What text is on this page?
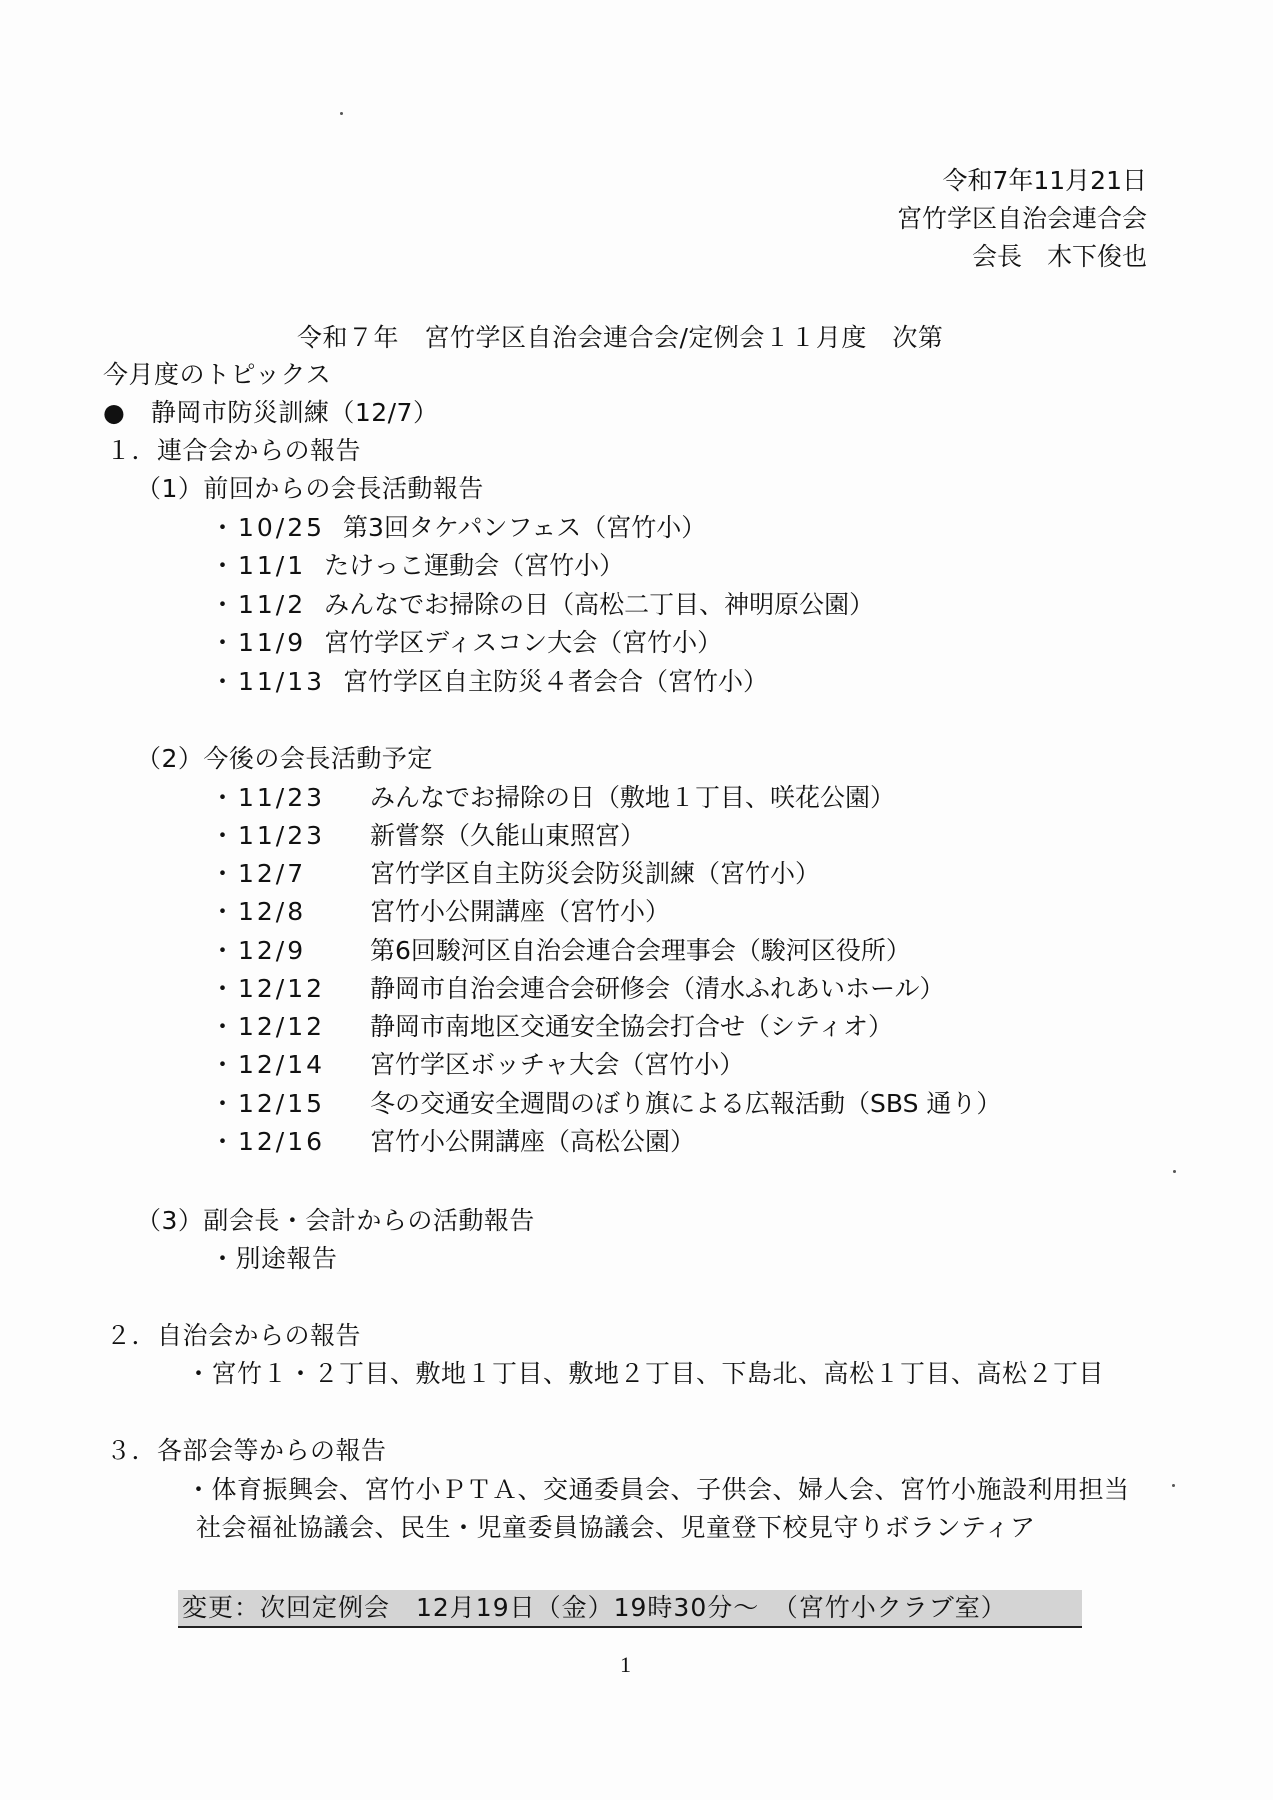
令和7年11月21日
宮竹学区自治会連合会
会長　木下俊也
令和７年　宮竹学区自治会連合会/定例会１１月度　次第
今月度のトピックス
●　静岡市防災訓練（12/7）
１．連合会からの報告
（1）前回からの会長活動報告
・10/25 第3回タケパンフェス（宮竹小）
・11/1 たけっこ運動会（宮竹小）
・11/2 みんなでお掃除の日（高松二丁目、神明原公園）
・11/9 宮竹学区ディスコン大会（宮竹小）
・11/13 宮竹学区自主防災４者会合（宮竹小）
（2）今後の会長活動予定
・11/23 みんなでお掃除の日（敷地１丁目、咲花公園）
・11/23 新嘗祭（久能山東照宮）
・12/7	宮竹学区自主防災会防災訓練（宮竹小）
・12/8	宮竹小公開講座（宮竹小）
・12/9	第6回駿河区自治会連合会理事会（駿河区役所）
・12/12 静岡市自治会連合会研修会（清水ふれあいホール）
・12/12 静岡市南地区交通安全協会打合せ（シティオ）
・12/14 宮竹学区ボッチャ大会（宮竹小）
・12/15 冬の交通安全週間のぼり旗による広報活動（SBS 通り）
・12/16 宮竹小公開講座（高松公園）
（3）副会長・会計からの活動報告
・別途報告
２．自治会からの報告
・宮竹１・２丁目、敷地１丁目、敷地２丁目、下島北、高松１丁目、高松２丁目
３．各部会等からの報告
・体育振興会、宮竹小ＰＴＡ、交通委員会、子供会、婦人会、宮竹小施設利用担当
社会福祉協議会、民生・児童委員協議会、児童登下校見守りボランティア
変更：次回定例会　12月19日（金）19時30分～　（宮竹小クラブ室）
1
